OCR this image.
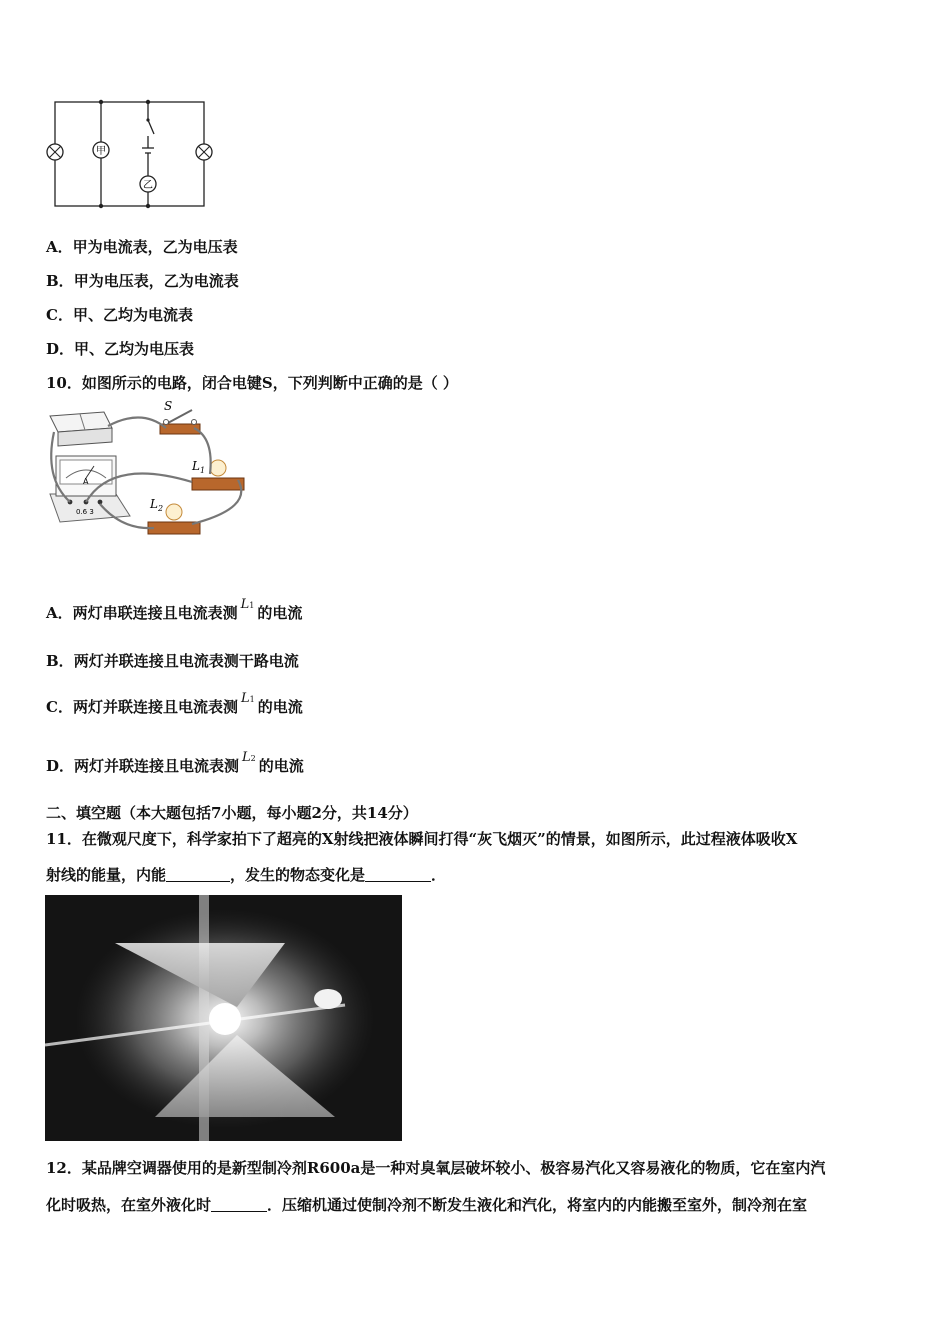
甲
乙
A．甲为电流表，乙为电压表
B．甲为电压表，乙为电流表
C．甲、乙均为电流表
D．甲、乙均为电压表
10．如图所示的电路，闭合电键S，下列判断中正确的是（ ）
A
0.6 3
S
$L_1$
$L_2$
A．两灯串联连接且电流表测 L1 的电流
B．两灯并联连接且电流表测干路电流
C．两灯并联连接且电流表测 L1 的电流
D．两灯并联连接且电流表测 L2 的电流
二、填空题（本大题包括7小题，每小题2分，共14分）
11．在微观尺度下，科学家拍下了超亮的X射线把液体瞬间打得“灰飞烟灭”的情景，如图所示，此过程液体吸收X
射线的能量，内能	，发生的物态变化是	．
12．某品牌空调器使用的是新型制冷剂R600a是一种对臭氧层破坏较小、极容易汽化又容易液化的物质，它在室内汽
化时吸热，在室外液化时	．压缩机通过使制冷剂不断发生液化和汽化，将室内的内能搬至室外，制冷剂在室
